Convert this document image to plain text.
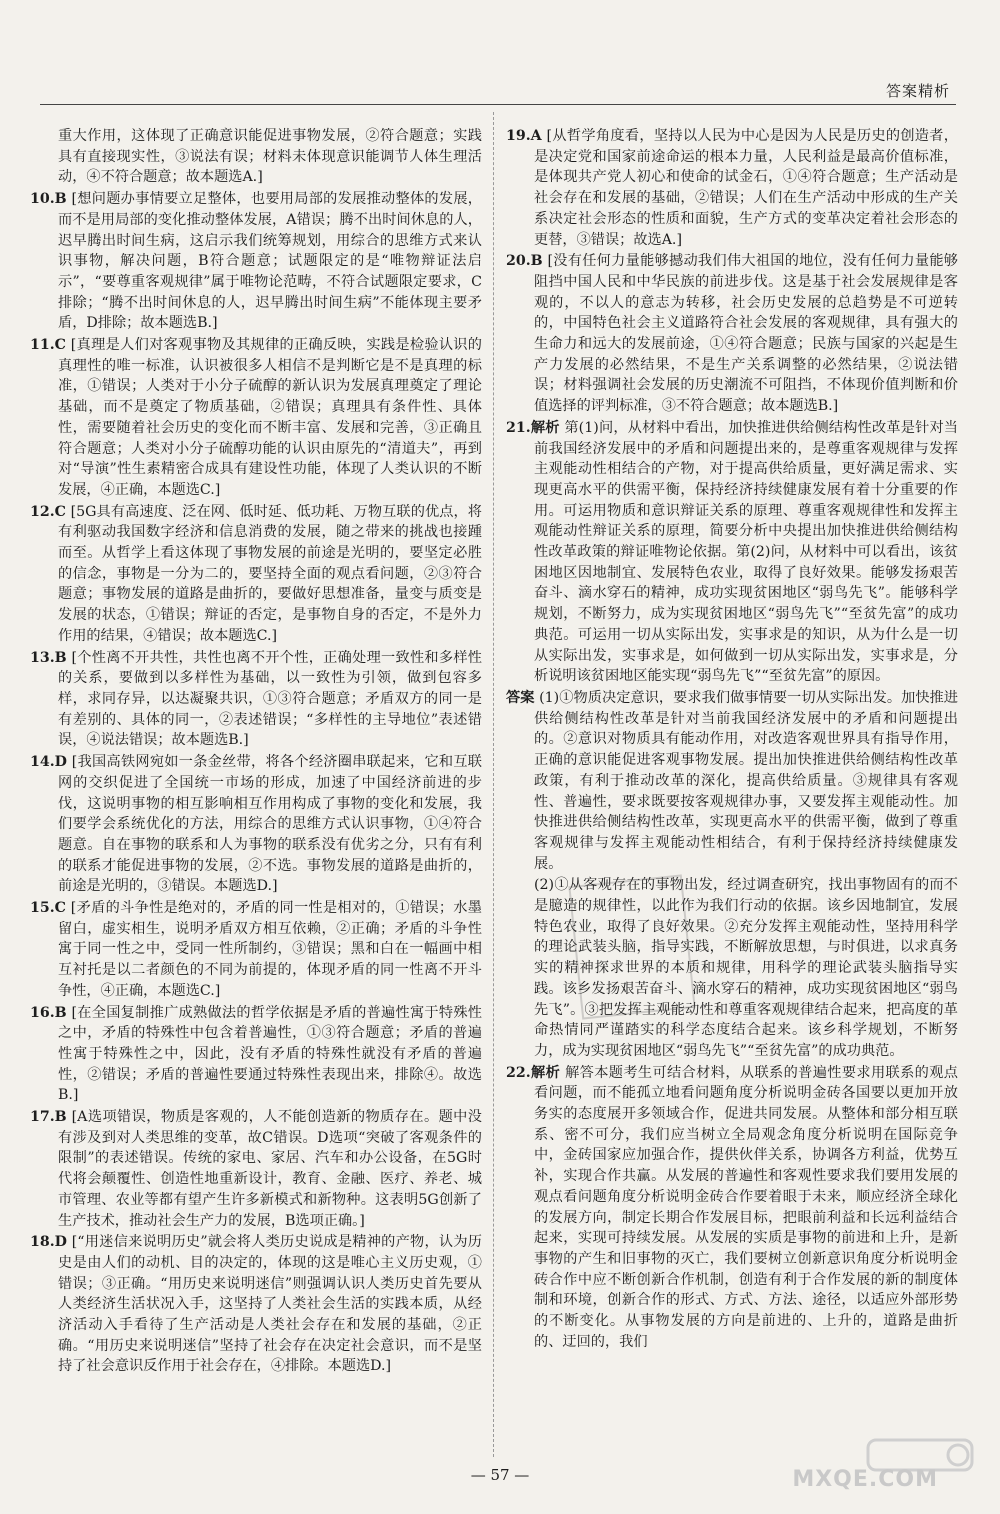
答案精析
重大作用，这体现了正确意识能促进事物发展，②符合题意；实践具有直接现实性，③说法有误；材料未体现意识能调节人体生理活动，④不符合题意；故本题选A.]
10.B [想问题办事情要立足整体，也要用局部的发展推动整体的发展，而不是用局部的变化推动整体发展，A错误；腾不出时间休息的人，迟早腾出时间生病，这启示我们统筹规划，用综合的思维方式来认识事物，解决问题，B符合题意；试题限定的是“唯物辩证法启示”，“要尊重客观规律”属于唯物论范畴，不符合试题限定要求，C排除；“腾不出时间休息的人，迟早腾出时间生病”不能体现主要矛盾，D排除；故本题选B.]
11.C [真理是人们对客观事物及其规律的正确反映，实践是检验认识的真理性的唯一标准，认识被很多人相信不是判断它是不是真理的标准，①错误；人类对于小分子硫醇的新认识为发展真理奠定了理论基础，而不是奠定了物质基础，②错误；真理具有条件性、具体性，需要随着社会历史的变化而不断丰富、发展和完善，③正确且符合题意；人类对小分子硫醇功能的认识由原先的“清道夫”，再到对“导演”性生素精密合成具有建设性功能，体现了人类认识的不断发展，④正确，本题选C.]
12.C [5G具有高速度、泛在网、低时延、低功耗、万物互联的优点，将有利驱动我国数字经济和信息消费的发展，随之带来的挑战也接踵而至。从哲学上看这体现了事物发展的前途是光明的，要坚定必胜的信念，事物是一分为二的，要坚持全面的观点看问题，②③符合题意；事物发展的道路是曲折的，要做好思想准备，量变与质变是发展的状态，①错误；辩证的否定，是事物自身的否定，不是外力作用的结果，④错误；故本题选C.]
13.B [个性离不开共性，共性也离不开个性，正确处理一致性和多样性的关系，要做到以多样性为基础，以一致性为引领，做到包容多样，求同存异，以达凝聚共识，①③符合题意；矛盾双方的同一是有差别的、具体的同一，②表述错误；“多样性的主导地位”表述错误，④说法错误；故本题选B.]
14.D [我国高铁网宛如一条金丝带，将各个经济圈串联起来，它和互联网的交织促进了全国统一市场的形成，加速了中国经济前进的步伐，这说明事物的相互影响相互作用构成了事物的变化和发展，我们要学会系统优化的方法，用综合的思维方式认识事物，①④符合题意。自在事物的联系和人为事物的联系没有优劣之分，只有有利的联系才能促进事物的发展，②不选。事物发展的道路是曲折的，前途是光明的，③错误。本题选D.]
15.C [矛盾的斗争性是绝对的，矛盾的同一性是相对的，①错误；水墨留白，虚实相生，说明矛盾双方相互依赖，②正确；矛盾的斗争性寓于同一性之中，受同一性所制约，③错误；黑和白在一幅画中相互衬托是以二者颜色的不同为前提的，体现矛盾的同一性离不开斗争性，④正确，本题选C.]
16.B [在全国复制推广成熟做法的哲学依据是矛盾的普遍性寓于特殊性之中，矛盾的特殊性中包含着普遍性，①③符合题意；矛盾的普遍性寓于特殊性之中，因此，没有矛盾的特殊性就没有矛盾的普遍性，②错误；矛盾的普遍性要通过特殊性表现出来，排除④。故选B.]
17.B [A选项错误，物质是客观的，人不能创造新的物质存在。题中没有涉及到对人类思维的变革，故C错误。D选项“突破了客观条件的限制”的表述错误。传统的家电、家居、汽车和办公设备，在5G时代将会颠覆性、创造性地重新设计，教育、金融、医疗、养老、城市管理、农业等都有望产生许多新模式和新物种。这表明5G创新了生产技术，推动社会生产力的发展，B选项正确。]
18.D [“用迷信来说明历史”就会将人类历史说成是精神的产物，认为历史是由人们的动机、目的决定的，体现的这是唯心主义历史观，①错误；③正确。“用历史来说明迷信”则强调认识人类历史首先要从人类经济生活状况入手，这坚持了人类社会生活的实践本质，从经济活动入手看待了生产活动是人类社会存在和发展的基础，②正确。“用历史来说明迷信”坚持了社会存在决定社会意识，而不是坚持了社会意识反作用于社会存在，④排除。本题选D.]
19.A [从哲学角度看，坚持以人民为中心是因为人民是历史的创造者，是决定党和国家前途命运的根本力量，人民利益是最高价值标准，是体现共产党人初心和使命的试金石，①④符合题意；生产活动是社会存在和发展的基础，②错误；人们在生产活动中形成的生产关系决定社会形态的性质和面貌，生产方式的变革决定着社会形态的更替，③错误；故选A.]
20.B [没有任何力量能够撼动我们伟大祖国的地位，没有任何力量能够阻挡中国人民和中华民族的前进步伐。这是基于社会发展规律是客观的，不以人的意志为转移，社会历史发展的总趋势是不可逆转的，中国特色社会主义道路符合社会发展的客观规律，具有强大的生命力和远大的发展前途，①④符合题意；民族与国家的兴起是生产力发展的必然结果，不是生产关系调整的必然结果，②说法错误；材料强调社会发展的历史潮流不可阻挡，不体现价值判断和价值选择的评判标准，③不符合题意；故本题选B.]
21.解析 第(1)问，从材料中看出，加快推进供给侧结构性改革是针对当前我国经济发展中的矛盾和问题提出来的，是尊重客观规律与发挥主观能动性相结合的产物，对于提高供给质量，更好满足需求、实现更高水平的供需平衡，保持经济持续健康发展有着十分重要的作用。可运用物质和意识辩证关系的原理、尊重客观规律性和发挥主观能动性辩证关系的原理，简要分析中央提出加快推进供给侧结构性改革政策的辩证唯物论依据。第(2)问，从材料中可以看出，该贫困地区因地制宜、发展特色农业，取得了良好效果。能够发扬艰苦奋斗、滴水穿石的精神，成功实现贫困地区“弱鸟先飞”。能够科学规划，不断努力，成为实现贫困地区“弱鸟先飞”“至贫先富”的成功典范。可运用一切从实际出发，实事求是的知识，从为什么是一切从实际出发，实事求是，如何做到一切从实际出发，实事求是，分析说明该贫困地区能实现“弱鸟先飞”“至贫先富”的原因。
答案 (1)①物质决定意识，要求我们做事情要一切从实际出发。加快推进供给侧结构性改革是针对当前我国经济发展中的矛盾和问题提出的。②意识对物质具有能动作用，对改造客观世界具有指导作用，正确的意识能促进客观事物发展。提出加快推进供给侧结构性改革政策，有利于推动改革的深化，提高供给质量。③规律具有客观性、普遍性，要求既要按客观规律办事，又要发挥主观能动性。加快推进供给侧结构性改革，实现更高水平的供需平衡，做到了尊重客观规律与发挥主观能动性相结合，有利于保持经济持续健康发展。
(2)①从客观存在的事物出发，经过调查研究，找出事物固有的而不是臆造的规律性，以此作为我们行动的依据。该乡因地制宜，发展特色农业，取得了良好效果。②充分发挥主观能动性，坚持用科学的理论武装头脑，指导实践，不断解放思想，与时俱进，以求真务实的精神探求世界的本质和规律，用科学的理论武装头脑指导实践。该乡发扬艰苦奋斗、滴水穿石的精神，成功实现贫困地区“弱鸟先飞”。③把发挥主观能动性和尊重客观规律结合起来，把高度的革命热情同严谨踏实的科学态度结合起来。该乡科学规划，不断努力，成为实现贫困地区“弱鸟先飞”“至贫先富”的成功典范。
22.解析 解答本题考生可结合材料，从联系的普遍性要求用联系的观点看问题，而不能孤立地看问题角度分析说明金砖各国要以更加开放务实的态度展开多领域合作，促进共同发展。从整体和部分相互联系、密不可分，我们应当树立全局观念角度分析说明在国际竞争中，金砖国家应加强合作，提供伙伴关系，协调各方利益，优势互补，实现合作共赢。从发展的普遍性和客观性要求我们要用发展的观点看问题角度分析说明金砖合作要着眼于未来，顺应经济全球化的发展方向，制定长期合作发展目标，把眼前利益和长远利益结合起来，实现可持续发展。从发展的实质是事物的前进和上升，是新事物的产生和旧事物的灭亡，我们要树立创新意识角度分析说明金砖合作中应不断创新合作机制，创造有利于合作发展的新的制度体制和环境，创新合作的形式、方式、方法、途径，以适应外部形势的不断变化。从事物发展的方向是前进的、上升的，道路是曲折的、迂回的，我们
— 57 —	MXQE.COM
